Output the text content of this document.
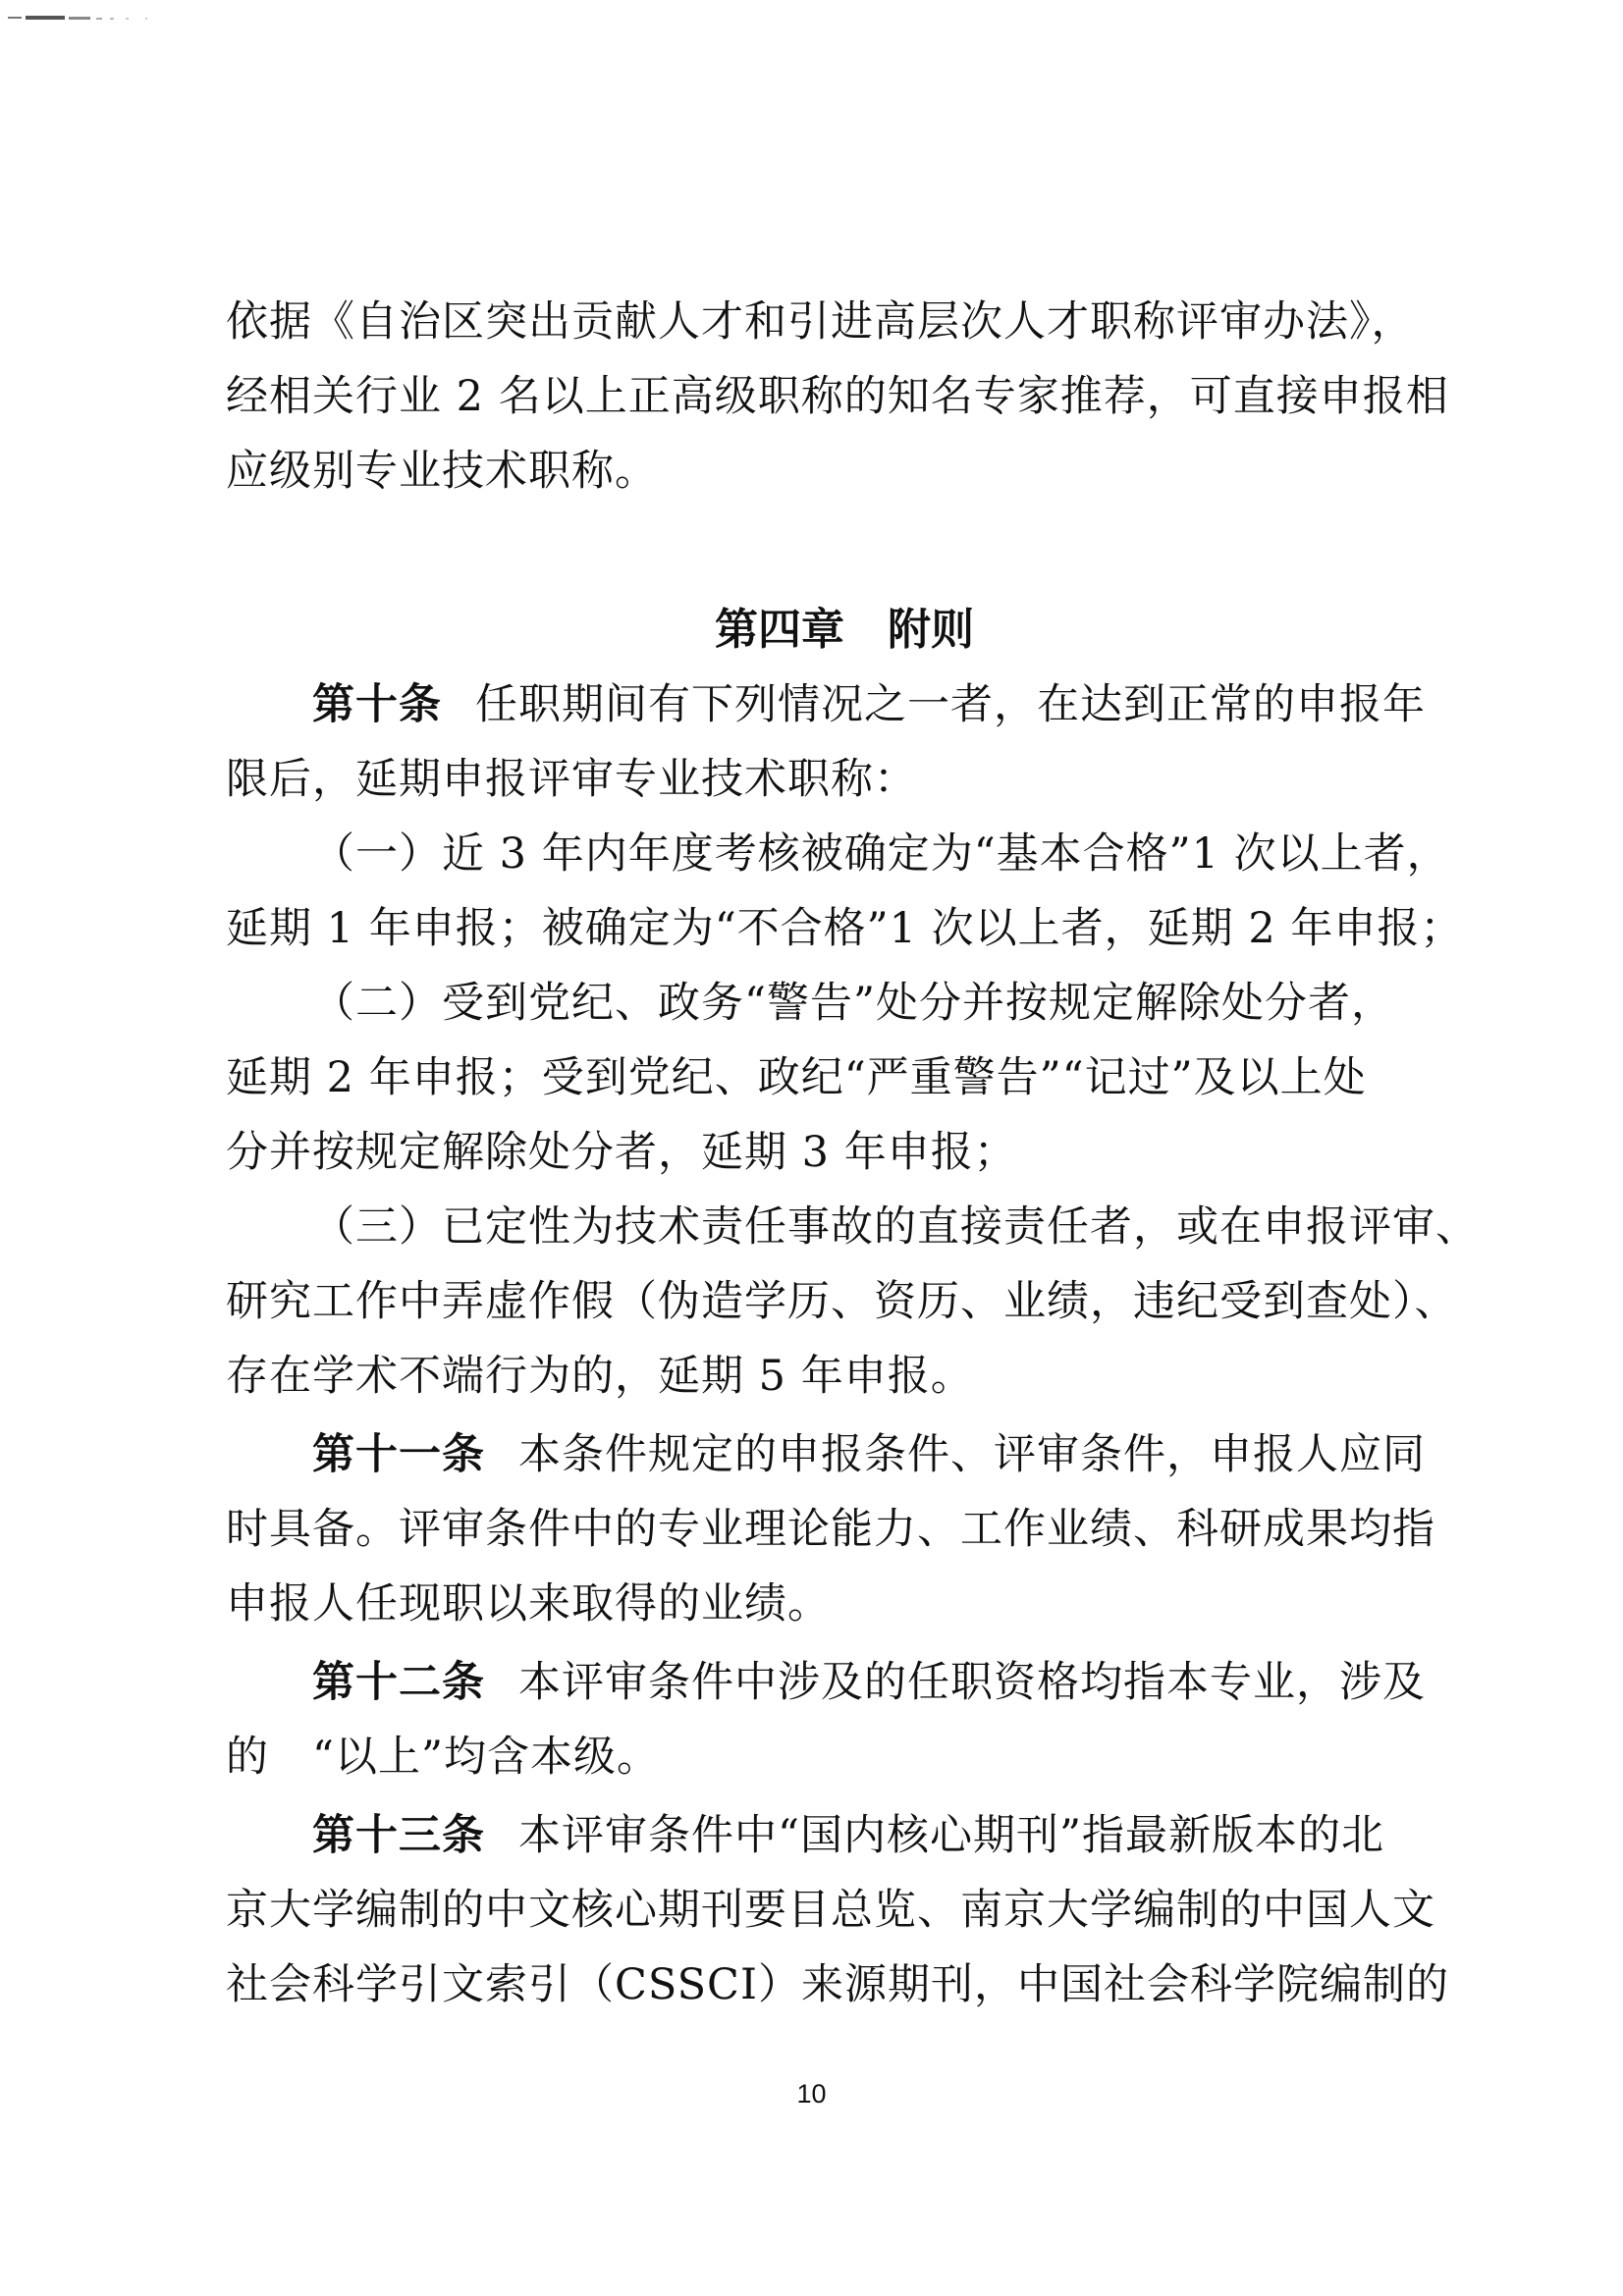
依据《自治区突出贡献人才和引进高层次人才职称评审办法》，
经相关行业 2 名以上正高级职称的知名专家推荐，可直接申报相
应级别专业技术职称。
第四章　附则
第十条 任职期间有下列情况之一者，在达到正常的申报年
限后，延期申报评审专业技术职称：
（一）近 3 年内年度考核被确定为“基本合格”1 次以上者，
延期 1 年申报；被确定为“不合格”1 次以上者，延期 2 年申报；
（二）受到党纪、政务“警告”处分并按规定解除处分者，
延期 2 年申报；受到党纪、政纪“严重警告”“记过”及以上处
分并按规定解除处分者，延期 3 年申报；
（三）已定性为技术责任事故的直接责任者，或在申报评审、
研究工作中弄虚作假（伪造学历、资历、业绩，违纪受到查处）、
存在学术不端行为的，延期 5 年申报。
第十一条 本条件规定的申报条件、评审条件，申报人应同
时具备。评审条件中的专业理论能力、工作业绩、科研成果均指
申报人任现职以来取得的业绩。
第十二条 本评审条件中涉及的任职资格均指本专业，涉及
的　“以上”均含本级。
第十三条 本评审条件中“国内核心期刊”指最新版本的北
京大学编制的中文核心期刊要目总览、南京大学编制的中国人文
社会科学引文索引（CSSCI）来源期刊，中国社会科学院编制的
10
